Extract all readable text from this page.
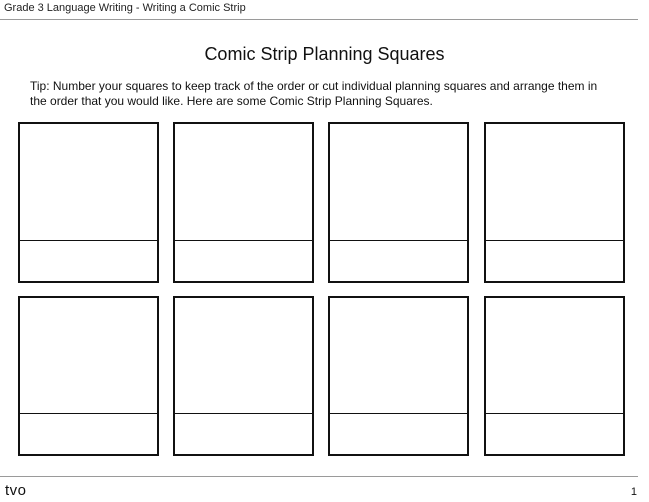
Grade 3 Language Writing - Writing a Comic Strip
Comic Strip Planning Squares
Tip: Number your squares to keep track of the order or cut individual planning squares and arrange them in the order that you would like. Here are some Comic Strip Planning Squares.
tvo	1
